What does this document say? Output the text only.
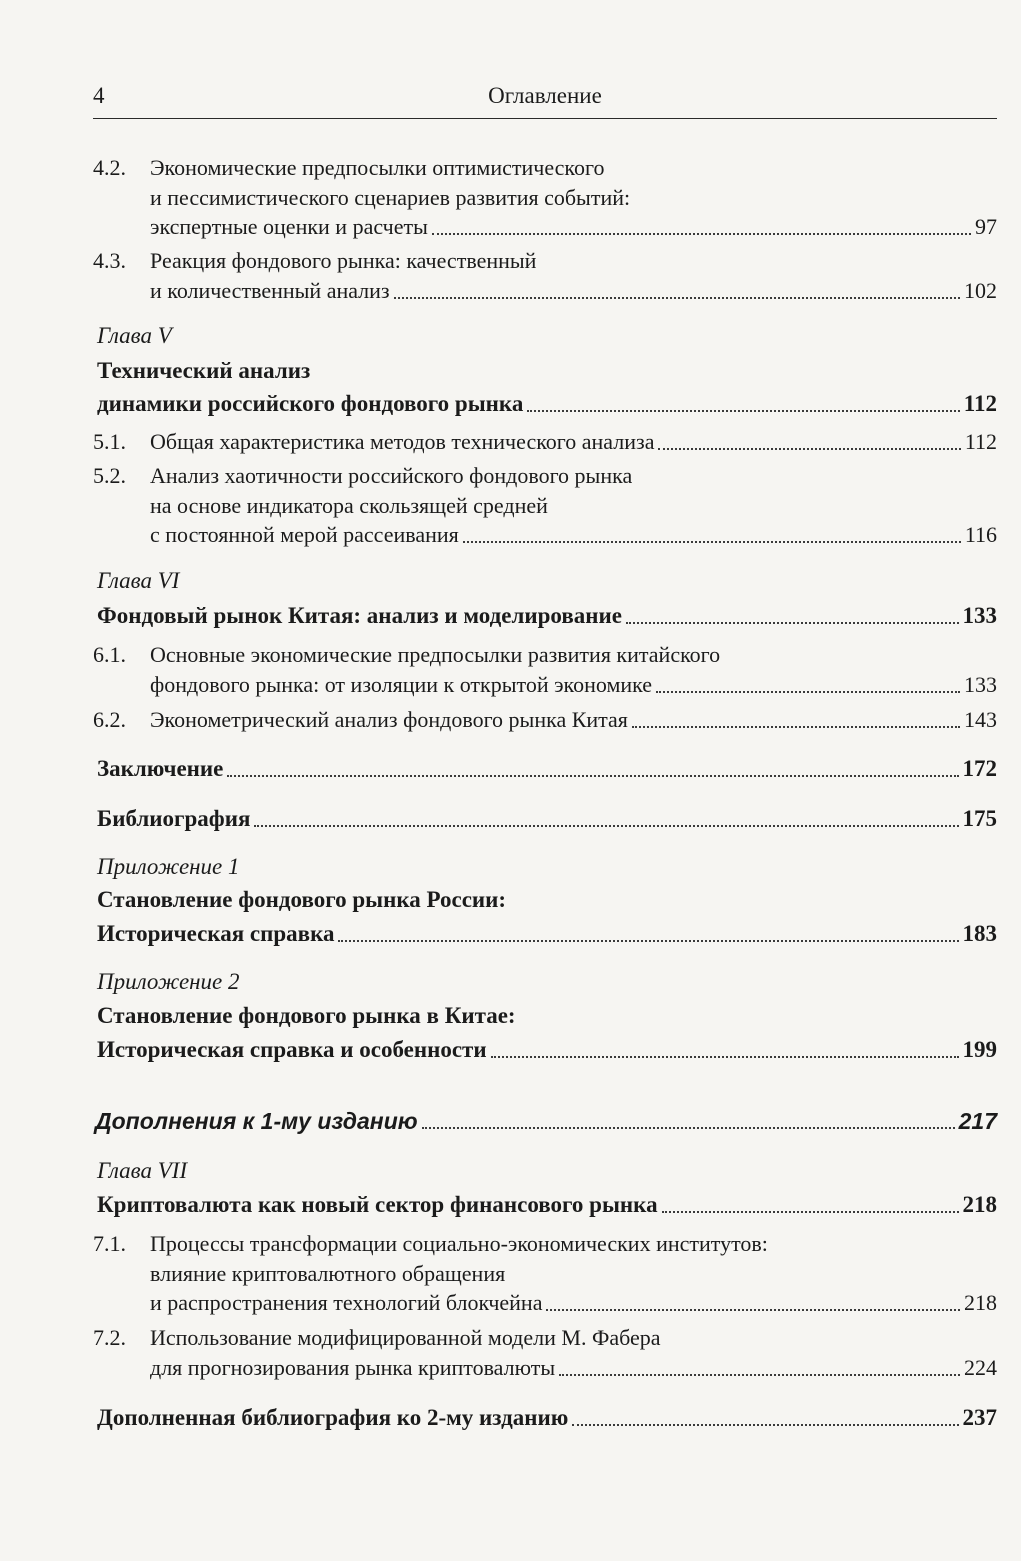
4	Оглавление
4.2.	Экономические предпосылки оптимистического
и пессимистического сценариев развития событий:
экспертные оценки и расчеты	97
4.3.	Реакция фондового рынка: качественный
и количественный анализ	102
Глава V
Технический анализ
динамики российского фондового рынка	112
5.1.	Общая характеристика методов технического анализа	112
5.2.	Анализ хаотичности российского фондового рынка
на основе индикатора скользящей средней
с постоянной мерой рассеивания	116
Глава VI
Фондовый рынок Китая: анализ и моделирование	133
6.1.	Основные экономические предпосылки развития китайского
фондового рынка: от изоляции к открытой экономике	133
6.2.	Эконометрический анализ фондового рынка Китая	143
Заключение	172
Библиография	175
Приложение 1
Становление фондового рынка России:
Историческая справка	183
Приложение 2
Становление фондового рынка в Китае:
Историческая справка и особенности	199
Дополнения к 1-му изданию	217
Глава VII
Криптовалюта как новый сектор финансового рынка	218
7.1.	Процессы трансформации социально-экономических институтов:
влияние криптовалютного обращения
и распространения технологий блокчейна	218
7.2.	Использование модифицированной модели М. Фабера
для прогнозирования рынка криптовалюты	224
Дополненная библиография ко 2-му изданию	237
